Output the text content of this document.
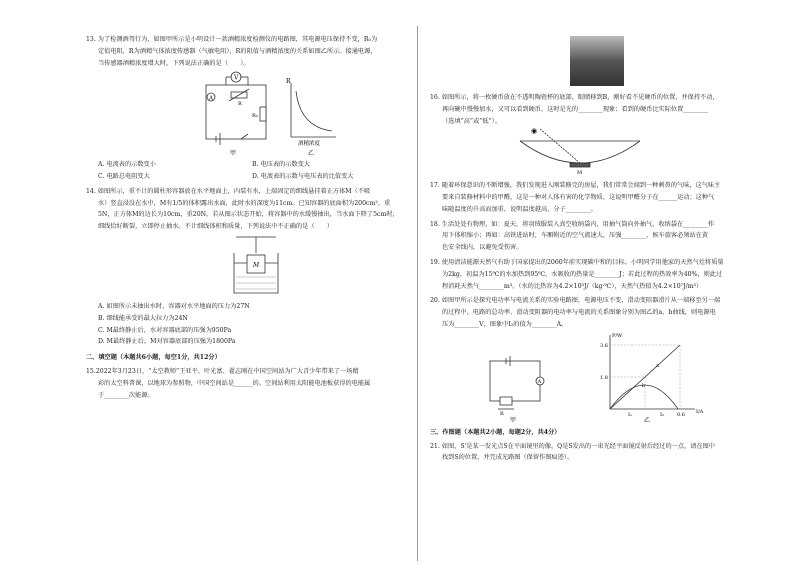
13. 为了检测酒驾行为，如图甲所示是小明设计一款酒精浓度检测仪的电路图，其电源电压保持不变，R₀为

定值电阻，R为酒精气体浓度传感器（气敏电阻），R的阻值与酒精浓度的关系如图乙所示。接通电源，

当传感器酒精浓度增大时，下列说法正确的是（　　）。

V
A
R
R₀
甲
R
酒精浓度
乙
A. 电流表的示数变小	B. 电压表的示数变大
C. 电路总电阻变大	D. 电流表的示数与电压表的比值变大

14. 如图所示，重不计的圆柱形容器放在水平地面上，内装有水，上端固定的细线悬挂着正方体M（不吸

水）竖直浸没在水中，M有1/5的体积露出水面，此时水的深度为11cm。已知容器的底面积为200cm²，重

5N，正方体M的边长为10cm，重20N，若从图示状态开始，将容器中的水缓慢抽出，当水面下降了5cm时，

细线恰好断裂，立即停止抽水。不计细线体积和质量，下列说法中不正确的是（　　）

M

A. 如图所示未抽出水时，容器对水平地面的压力为27N

B. 细线能承受的最大拉力为24N

C. M最终静止后，水对容器底部的压强为950Pa

D. M最终静止后，M对容器底部的压强为1800Pa

二、填空题（本题共6小题，每空1分，共12分）

15.2022年3月23日，“太空教师”王亚平、叶光富、翟志刚在中国空间站为广大青少年带来了一场精

彩的太空科普课，以地球为参照物，中国空间站是______的。空间站利用太阳能电池板获得的电能属

于________次能源。

16. 如图所示，将一枚硬币放在不透明陶瓷杯的底部，眼睛移到B，刚好看不见硬币的位置，并保持不动，

再向碗中慢慢加水，又可以看到硬币，这时是光的________现象；看到的硬币比实际位置________

（选填“高”或“低”）。

◉
M

17. 随着环保意识的不断增强，我们发现进入刚装修完的房屋，我们常常会闻到一种刺鼻的气味，这气味主

要来自装修材料中的甲醛，这是一种对人体有害的化学物质，这说明甲醛分子在______运动；这种气

味随温度的升高而加重，说明温度越高，分子________。

18. 生活处处有物理，如：夏天，将羽绒服装入真空收纳袋内，用抽气筒向外抽气，收纳袋在________作

用下体积缩小；再如：高铁进站时，车厢附近的空气流速大，压强________，候车旅客必须站在黄

色安全线内，以避免受伤害。

19. 使用清洁能源天然气有助于国家提出的2060年前实现碳中和的目标。小明同学用他家的天然气灶将质量

为2kg，初温为15℃的水加热到95℃，水吸收的热量是________J；若此过程的热效率为40%，则此过

程消耗天然气________m³。（水的比热容为4.2×10³J/（kg·℃），天然气热值为4.2×10⁷J/m³）

20. 如图甲所示是探究电功率与电流关系的实验电路图，电源电压不变，滑动变阻器滑片从一端移至另一端

的过程中，电路的总功率、滑动变阻器的电功率与电流的关系图象分别为图乙的a、b曲线，则电源电

压为________V，图象中I₂的值为________A。

A
R
甲
P/W
I/A
3.6
1.8
I₁	I₂	0.6
a
b
乙

三、作图题（本题共2小题，每题2分，共4分）

21. 如图，S'是某一发光点S在平面镜里的像，Q是S发出的一束光经平面镜反射后经过的一点，请在图中

找到S的位置，并完成光路图（保留作图痕迹）。
